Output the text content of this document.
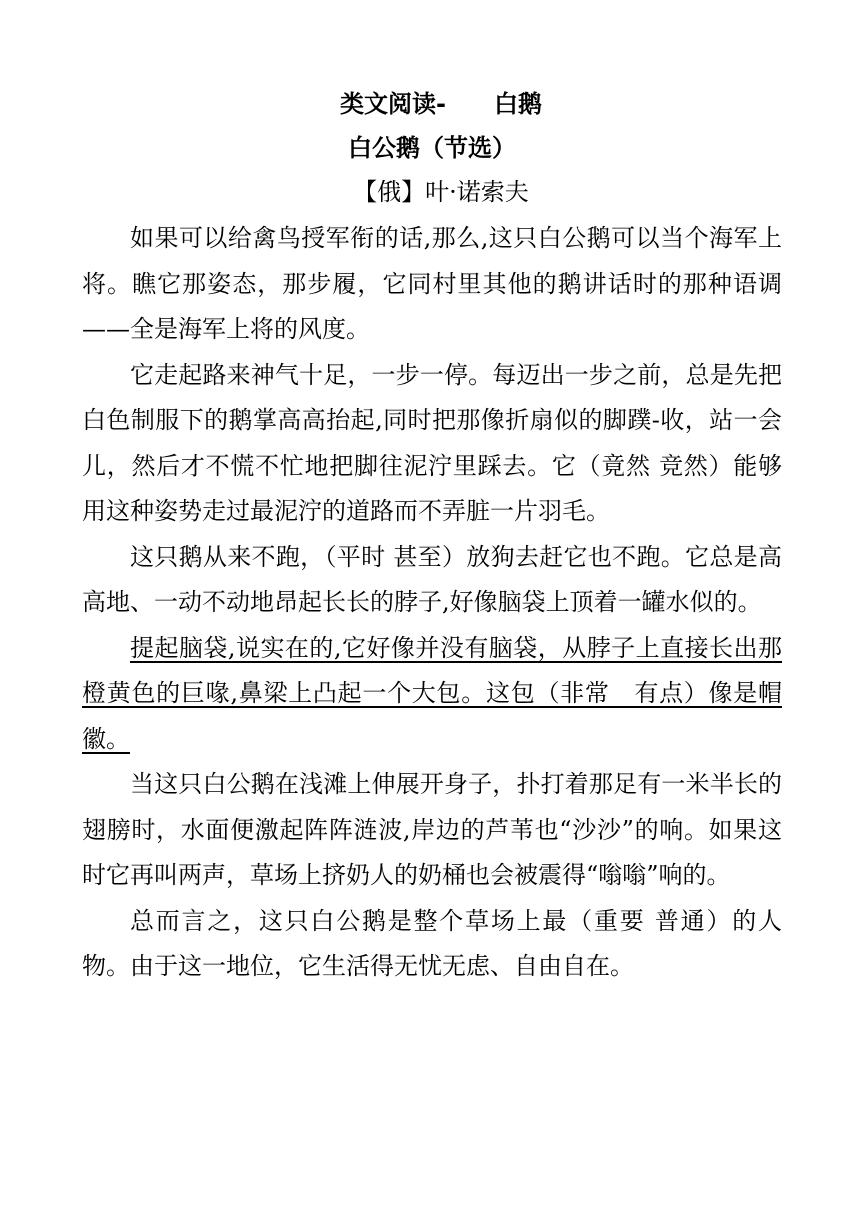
类文阅读-　　白鹅
白公鹅（节选）
【俄】叶·诺索夫

如果可以给禽鸟授军衔的话,那么,这只白公鹅可以当个海军上将。瞧它那姿态，那步履，它同村里其他的鹅讲话时的那种语调——全是海军上将的风度。

它走起路来神气十足，一步一停。每迈出一步之前，总是先把白色制服下的鹅掌高高抬起,同时把那像折扇似的脚蹼-收，站一会儿，然后才不慌不忙地把脚往泥泞里踩去。它（竟然 竞然）能够用这种姿势走过最泥泞的道路而不弄脏一片羽毛。

这只鹅从来不跑，（平时 甚至）放狗去赶它也不跑。它总是高高地、一动不动地昂起长长的脖子,好像脑袋上顶着一罐水似的。

提起脑袋,说实在的,它好像并没有脑袋，从脖子上直接长出那橙黄色的巨喙,鼻梁上凸起一个大包。这包（非常　有点）像是帽徽。

当这只白公鹅在浅滩上伸展开身子，扑打着那足有一米半长的翅膀时，水面便激起阵阵涟波,岸边的芦苇也“沙沙”的响。如果这时它再叫两声，草场上挤奶人的奶桶也会被震得“嗡嗡”响的。

总而言之，这只白公鹅是整个草场上最（重要 普通）的人物。由于这一地位，它生活得无忧无虑、自由自在。
